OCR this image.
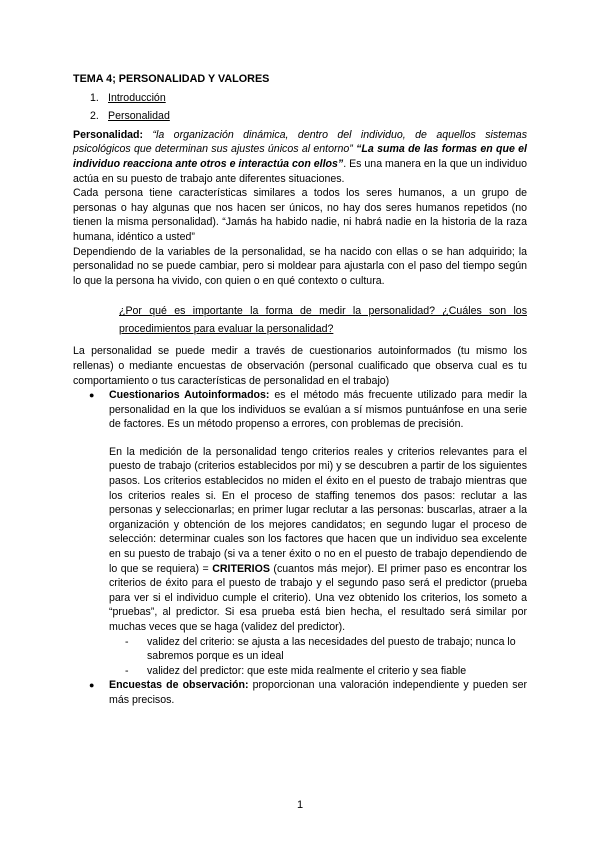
TEMA 4; PERSONALIDAD Y VALORES
1. Introducción
2. Personalidad

Personalidad: “la organización dinámica, dentro del individuo, de aquellos sistemas psicológicos que determinan sus ajustes únicos al entorno” “La suma de las formas en que el individuo reacciona ante otros e interactúa con ellos”. Es una manera en la que un individuo actúa en su puesto de trabajo ante diferentes situaciones.

Cada persona tiene características similares a todos los seres humanos, a un grupo de personas o hay algunas que nos hacen ser únicos, no hay dos seres humanos repetidos (no tienen la misma personalidad). “Jamás ha habido nadie, ni habrá nadie en la historia de la raza humana, idéntico a usted”

Dependiendo de la variables de la personalidad, se ha nacido con ellas o se han adquirido; la personalidad no se puede cambiar, pero si moldear para ajustarla con el paso del tiempo según lo que la persona ha vivido, con quien o en qué contexto o cultura.

¿Por qué es importante la forma de medir la personalidad? ¿Cuáles son los procedimientos para evaluar la personalidad?

La personalidad se puede medir a través de cuestionarios autoinformados (tu mismo los rellenas) o mediante encuestas de observación (personal cualificado que observa cual es tu comportamiento o tus características de personalidad en el trabajo)

● Cuestionarios Autoinformados: es el método más frecuente utilizado para medir la personalidad en la que los individuos se evalúan a sí mismos puntuánfose en una serie de factores. Es un método propenso a errores, con problemas de precisión.

En la medición de la personalidad tengo criterios reales y criterios relevantes para el puesto de trabajo (criterios establecidos por mi) y se descubren a partir de los siguientes pasos. Los criterios establecidos no miden el éxito en el puesto de trabajo mientras que los criterios reales si. En el proceso de staffing tenemos dos pasos: reclutar a las personas y seleccionarlas; en primer lugar reclutar a las personas: buscarlas, atraer a la organización y obtención de los mejores candidatos; en segundo lugar el proceso de selección: determinar cuales son los factores que hacen que un individuo sea excelente en su puesto de trabajo (si va a tener éxito o no en el puesto de trabajo dependiendo de lo que se requiera) = CRITERIOS (cuantos más mejor). El primer paso es encontrar los criterios de éxito para el puesto de trabajo y el segundo paso será el predictor (prueba para ver si el individuo cumple el criterio). Una vez obtenido los criterios, los someto a “pruebas”, al predictor. Si esa prueba está bien hecha, el resultado será similar por muchas veces que se haga (validez del predictor).

- validez del criterio: se ajusta a las necesidades del puesto de trabajo; nunca lo sabremos porque es un ideal
- validez del predictor: que este mida realmente el criterio y sea fiable
● Encuestas de observación: proporcionan una valoración independiente y pueden ser más precisos.

1
